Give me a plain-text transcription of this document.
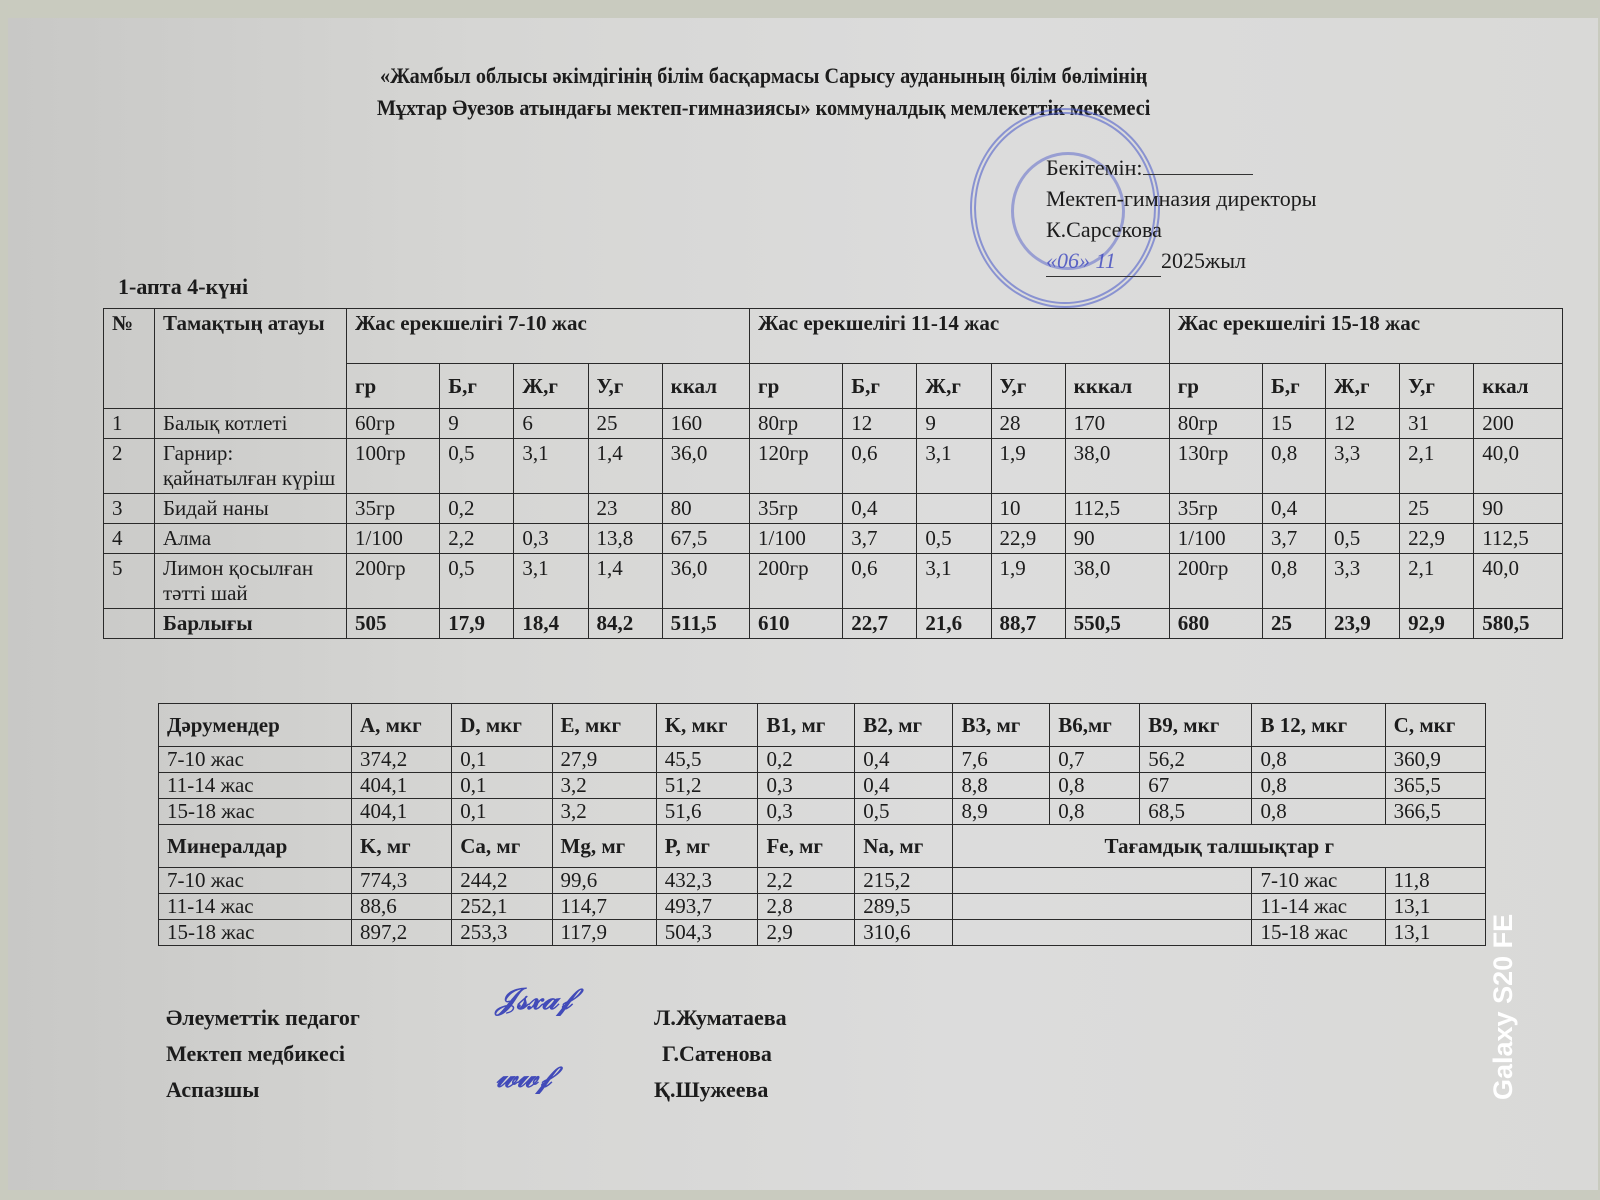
«Жамбыл облысы әкімдігінің білім басқармасы Сарысу ауданының білім бөлімінің
Мұхтар Әуезов атындағы мектеп-гимназиясы» коммуналдық мемлекеттік мекемесі
Бекітемін:
Мектеп-гимназия директоры
К.Сарсекова
«06» 11 2025жыл
1-апта 4-күні
№	Тамақтың атауы	Жас ерекшелігі 7-10 жас					Жас ерекшелігі 11-14 жас					Жас ерекшелігі 15-18 жас				
		гр	Б,г	Ж,г	У,г	ккал	гр	Б,г	Ж,г	У,г	кккал	гр	Б,г	Ж,г	У,г	ккал
1	Балық котлеті	60гр	9	6	25	160	80гр	12	9	28	170	80гр	15	12	31	200
2	Гарнир: қайнатылған күріш	100гр	0,5	3,1	1,4	36,0	120гр	0,6	3,1	1,9	38,0	130гр	0,8	3,3	2,1	40,0
3	Бидай наны	35гр	0,2		23	80	35гр	0,4		10	112,5	35гр	0,4		25	90
4	Алма	1/100	2,2	0,3	13,8	67,5	1/100	3,7	0,5	22,9	90	1/100	3,7	0,5	22,9	112,5
5	Лимон қосылған тәтті шай	200гр	0,5	3,1	1,4	36,0	200гр	0,6	3,1	1,9	38,0	200гр	0,8	3,3	2,1	40,0
	Барлығы	505	17,9	18,4	84,2	511,5	610	22,7	21,6	88,7	550,5	680	25	23,9	92,9	580,5
Дәрумендер	A, мкг	D, мкг	E, мкг	K, мкг	B1, мг	B2, мг	B3, мг	B6,мг	B9, мкг	B 12, мкг	C, мкг
7-10 жас	374,2	0,1	27,9	45,5	0,2	0,4	7,6	0,7	56,2	0,8	360,9
11-14 жас	404,1	0,1	3,2	51,2	0,3	0,4	8,8	0,8	67	0,8	365,5
15-18 жас	404,1	0,1	3,2	51,6	0,3	0,5	8,9	0,8	68,5	0,8	366,5
Минералдар	K, мг	Ca, мг	Mg, мг	P, мг	Fe, мг	Na, мг	Тағамдық талшықтар г				
7-10 жас	774,3	244,2	99,6	432,3	2,2	215,2				7-10 жас	11,8
11-14 жас	88,6	252,1	114,7	493,7	2,8	289,5				11-14 жас	13,1
15-18 жас	897,2	253,3	117,9	504,3	2,9	310,6				15-18 жас	13,1
Әлеуметтік педагог
𝒥𝓈𝓍𝒶𝒻
Л.Жуматаева
Мектеп медбикесі	Г.Сатенова
Аспазшы	𝓌𝓌𝒻	Қ.Шужеева	Galaxy S20 FE
